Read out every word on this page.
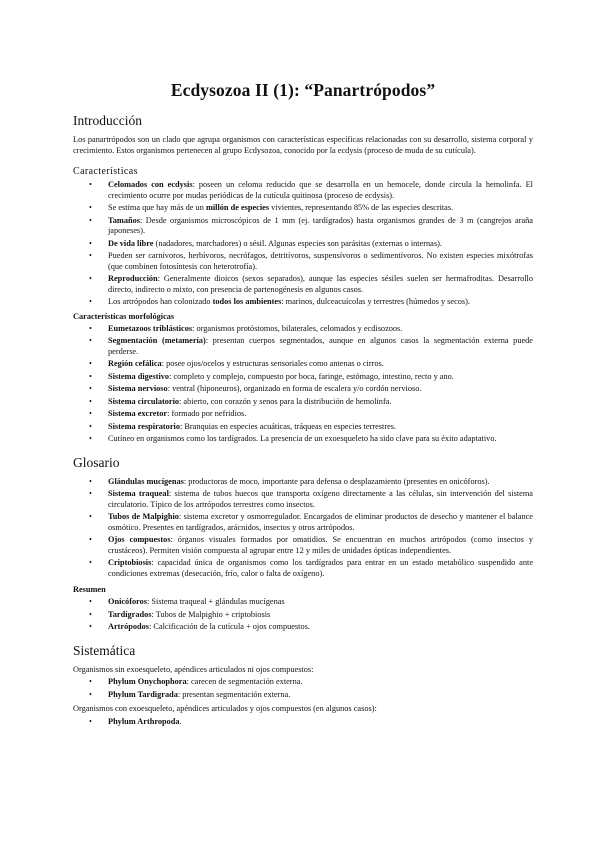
Ecdysozoa II (1): “Panartrópodos”
Introducción

Los panartrópodos son un clado que agrupa organismos con características específicas relacionadas con su desarrollo, sistema corporal y crecimiento. Estos organismos pertenecen al grupo Ecdysozoa, conocido por la ecdysis (proceso de muda de su cutícula).

Características
• Celomados con ecdysis: poseen un celoma reducido que se desarrolla en un hemocele, donde circula la hemolinfa. El crecimiento ocurre por mudas periódicas de la cutícula quitinosa (proceso de ecdysis).
• Se estima que hay más de un millón de especies vivientes, representando 85% de las especies descritas.
• Tamaños: Desde organismos microscópicos de 1 mm (ej. tardígrados) hasta organismos grandes de 3 m (cangrejos araña japoneses).
• De vida libre (nadadores, marchadores) o sésil. Algunas especies son parásitas (externas o internas).
• Pueden ser carnívoros, herbívoros, necrófagos, detritívoros, suspensívoros o sedimentívoros. No existen especies mixótrofas (que combinen fotosíntesis con heterotrofía).
• Reproducción: Generalmente dioicos (sexos separados), aunque las especies sésiles suelen ser hermafroditas. Desarrollo directo, indirecto o mixto, con presencia de partenogénesis en algunos casos.
• Los artrópodos han colonizado todos los ambientes: marinos, dulceacuícolas y terrestres (húmedos y secos).
Características morfológicas
• Eumetazoos triblásticos: organismos protóstomos, bilaterales, celomados y ecdisozoos.
• Segmentación (metamería): presentan cuerpos segmentados, aunque en algunos casos la segmentación externa puede perderse.
• Región cefálica: posee ojos/ocelos y estructuras sensoriales como antenas o cirros.
• Sistema digestivo: completo y complejo, compuesto por boca, faringe, estómago, intestino, recto y ano.
• Sistema nervioso: ventral (hiponeuros), organizado en forma de escalera y/o cordón nervioso.
• Sistema circulatorio: abierto, con corazón y senos para la distribución de hemolinfa.
• Sistema excretor: formado por nefridios.
• Sistema respiratorio: Branquias en especies acuáticas, tráqueas en especies terrestres.
• Cutíneo en organismos como los tardígrados. La presencia de un exoesqueleto ha sido clave para su éxito adaptativo.
Glosario
• Glándulas mucígenas: productoras de moco, importante para defensa o desplazamiento (presentes en onicóforos).
• Sistema traqueal: sistema de tubos huecos que transporta oxígeno directamente a las células, sin intervención del sistema circulatorio. Típico de los artrópodos terrestres como insectos.
• Tubos de Malpighio: sistema excretor y osmorregulador. Encargados de eliminar productos de desecho y mantener el balance osmótico. Presentes en tardígrados, arácnidos, insectos y otros artrópodos.
• Ojos compuestos: órganos visuales formados por omatidios. Se encuentran en muchos artrópodos (como insectos y crustáceos). Permiten visión compuesta al agrupar entre 12 y miles de unidades ópticas independientes.
• Criptobiosis: capacidad única de organismos como los tardígrados para entrar en un estado metabólico suspendido ante condiciones extremas (desecación, frío, calor o falta de oxígeno).
Resumen
• Onicóforos: Sistema traqueal + glándulas mucígenas
• Tardígrados: Tubos de Malpighio + criptobiosis
• Artrópodos: Calcificación de la cutícula + ojos compuestos.
Sistemática
Organismos sin exoesqueleto, apéndices articulados ni ojos compuestos:
• Phylum Onychophora: carecen de segmentación externa.
• Phylum Tardigrada: presentan segmentación externa.
Organismos con exoesqueleto, apéndices articulados y ojos compuestos (en algunos casos):
• Phylum Arthropoda.
